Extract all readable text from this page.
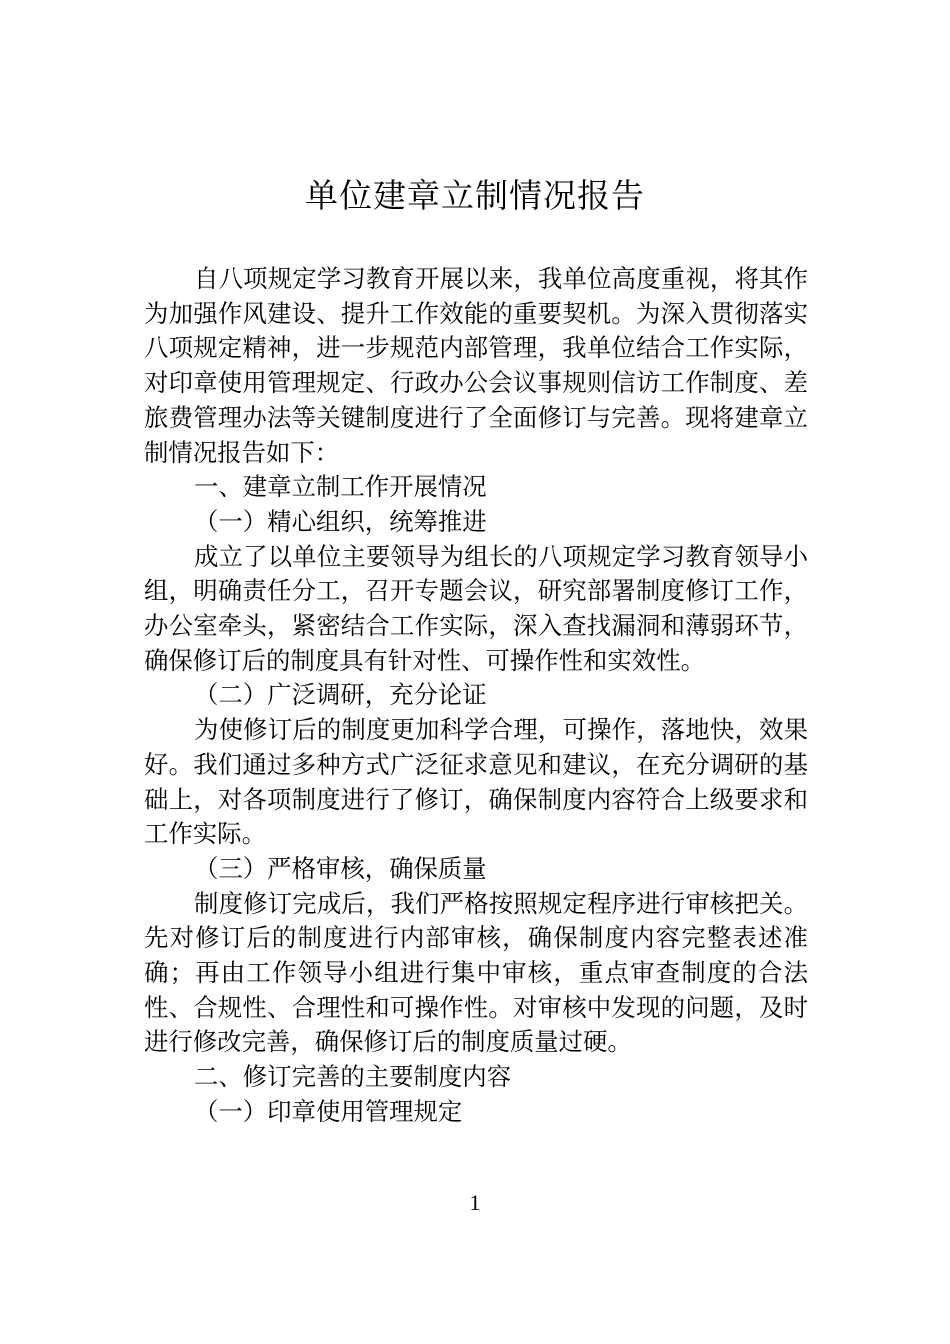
单位建章立制情况报告

自八项规定学习教育开展以来，我单位高度重视，将其作为加强作风建设、提升工作效能的重要契机。为深入贯彻落实八项规定精神，进一步规范内部管理，我单位结合工作实际，对印章使用管理规定、行政办公会议事规则信访工作制度、差旅费管理办法等关键制度进行了全面修订与完善。现将建章立制情况报告如下：

一、建章立制工作开展情况

（一）精心组织，统筹推进

成立了以单位主要领导为组长的八项规定学习教育领导小组，明确责任分工，召开专题会议，研究部署制度修订工作，办公室牵头，紧密结合工作实际，深入查找漏洞和薄弱环节，确保修订后的制度具有针对性、可操作性和实效性。

（二）广泛调研，充分论证

为使修订后的制度更加科学合理，可操作，落地快，效果好。我们通过多种方式广泛征求意见和建议，在充分调研的基础上，对各项制度进行了修订，确保制度内容符合上级要求和工作实际。

（三）严格审核，确保质量

制度修订完成后，我们严格按照规定程序进行审核把关。先对修订后的制度进行内部审核，确保制度内容完整表述准确；再由工作领导小组进行集中审核，重点审查制度的合法性、合规性、合理性和可操作性。对审核中发现的问题，及时进行修改完善，确保修订后的制度质量过硬。

二、修订完善的主要制度内容

（一）印章使用管理规定

1
